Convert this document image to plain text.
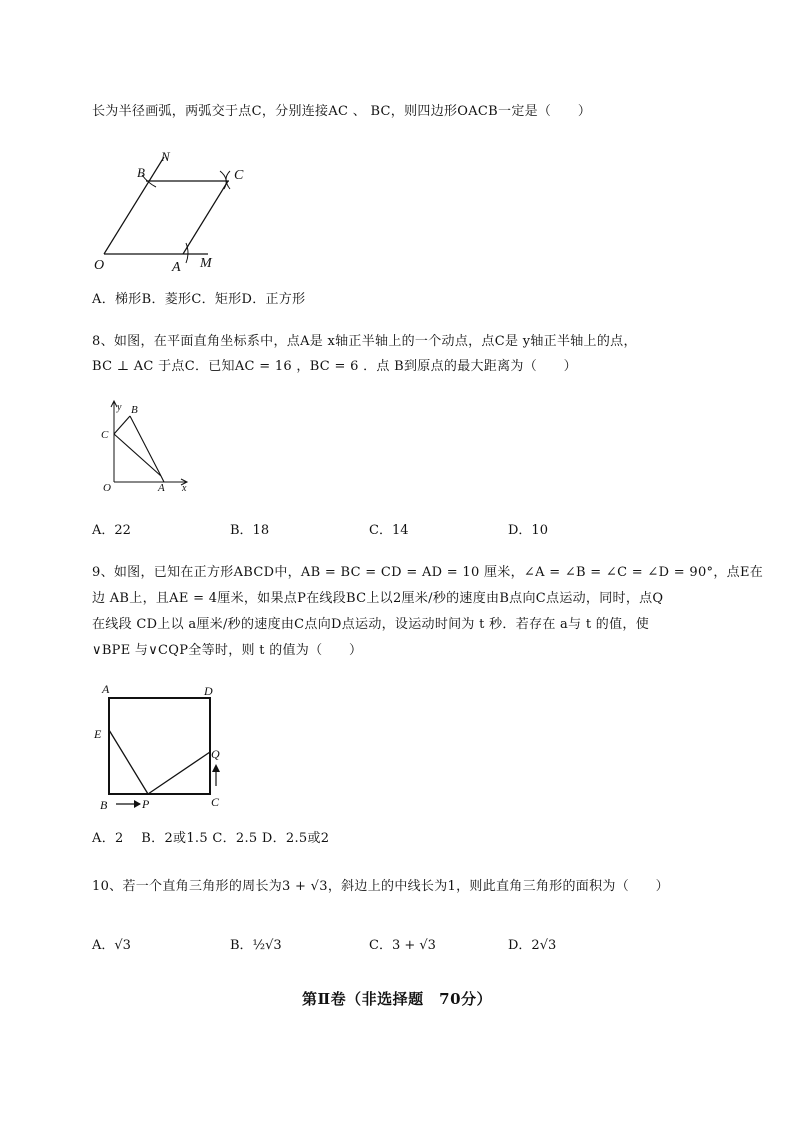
长为半径画弧，两弧交于点C，分别连接AC 、 BC，则四边形OACB一定是（　　）
N
B	C
O	A M
A．梯形B．菱形C．矩形D．正方形
8、如图，在平面直角坐标系中，点A是 x轴正半轴上的一个动点，点C是 y轴正半轴上的点，
BC ⊥ AC 于点C．已知AC = 16 ，BC = 6 ．点 B到原点的最大距离为（　　）
y B
C
O	A x
A．22	B．18	C．14	D．10
9、如图，已知在正方形ABCD中，AB = BC = CD = AD = 10 厘米，∠A = ∠B = ∠C = ∠D = 90°，点E在
边 AB上，且AE = 4厘米，如果点P在线段BC上以2厘米/秒的速度由B点向C点运动，同时，点Q
在线段 CD上以 a厘米/秒的速度由C点向D点运动，设运动时间为 t 秒．若存在 a与 t 的值，使
∨BPE 与∨CQP全等时，则 t 的值为（　　）
A	D
E
Q
B	P	C
A．2　 B．2或1.5 C．2.5 D．2.5或2
10、若一个直角三角形的周长为3 + √3，斜边上的中线长为1，则此直角三角形的面积为（　　）
A．√3	B．½√3	C．3 + √3	D．2√3
第Ⅱ卷（非选择题　70分）
